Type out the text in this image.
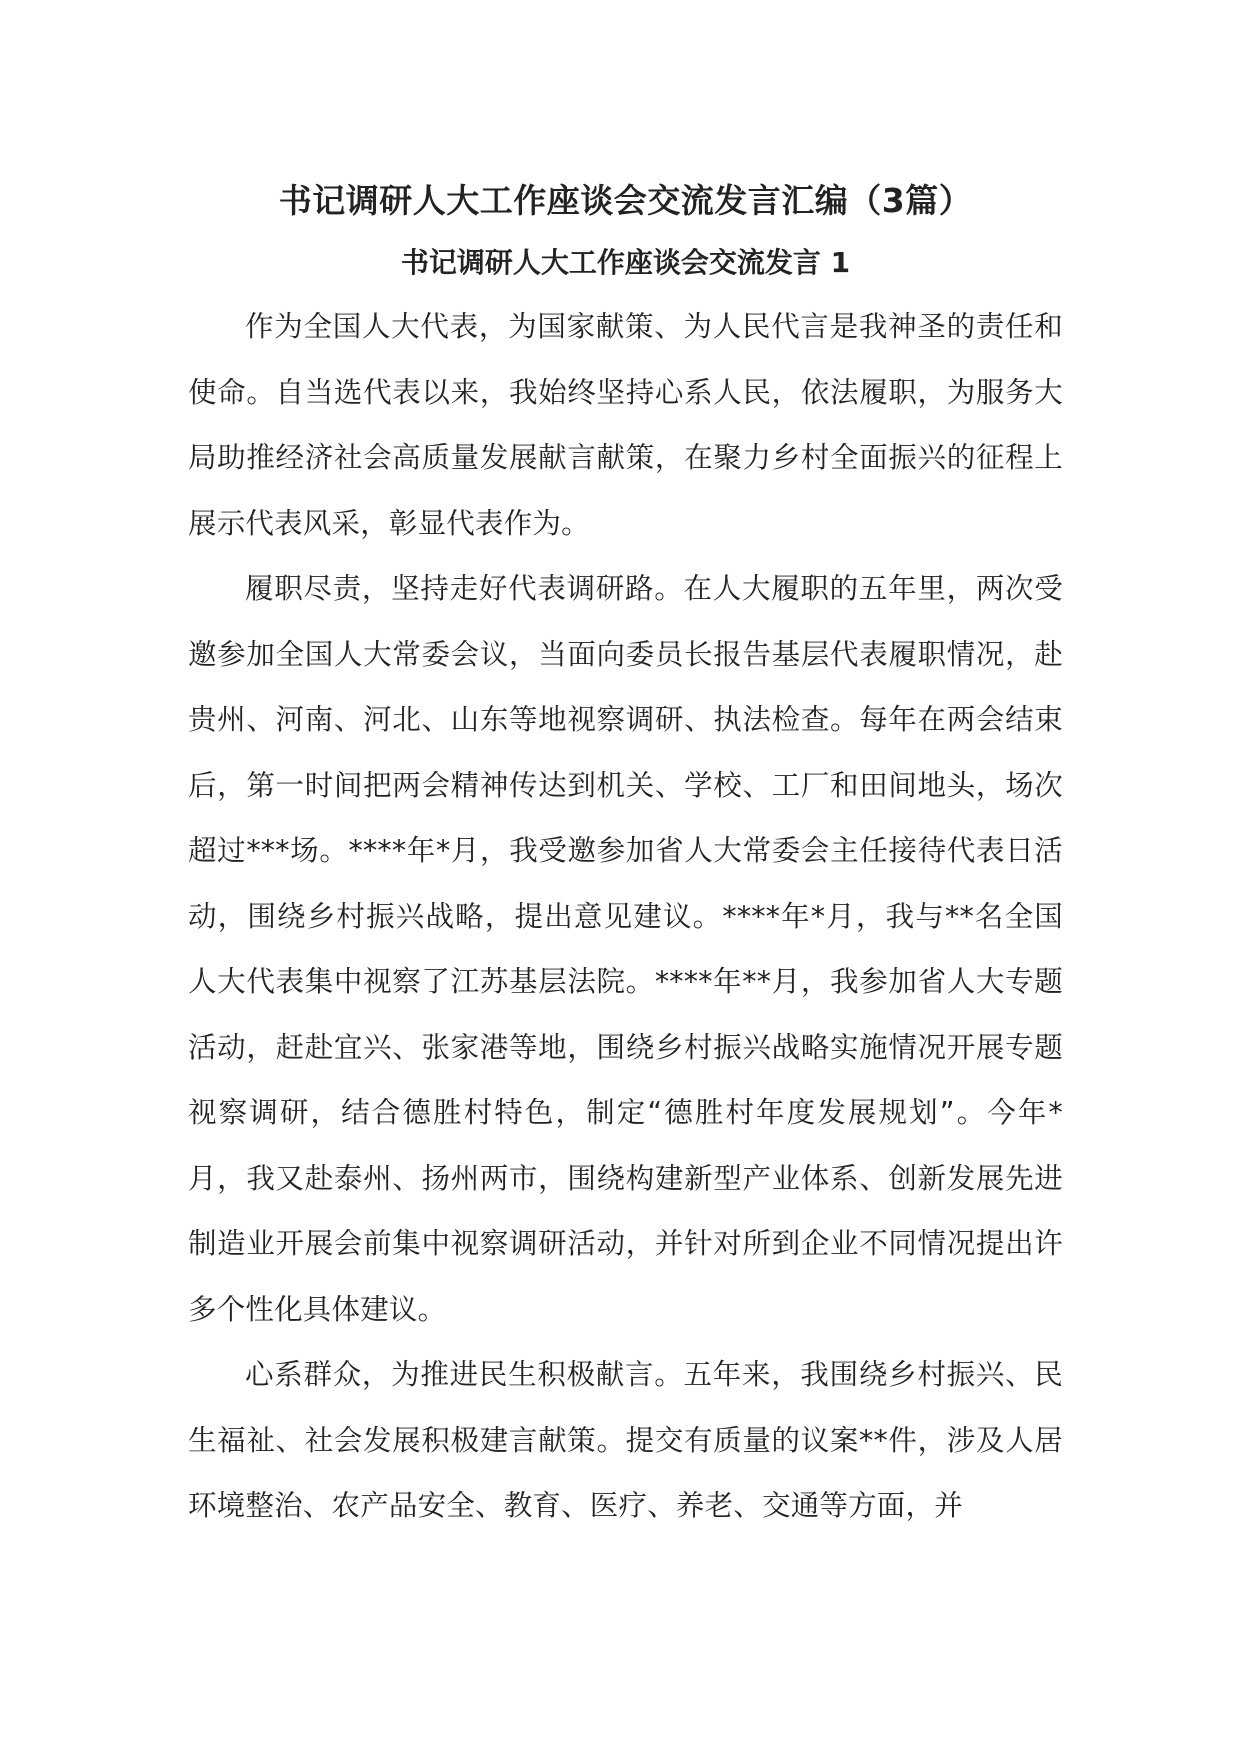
书记调研人大工作座谈会交流发言汇编（3篇）
书记调研人大工作座谈会交流发言 1

作为全国人大代表，为国家献策、为人民代言是我神圣的责任和使命。自当选代表以来，我始终坚持心系人民，依法履职，为服务大局助推经济社会高质量发展献言献策，在聚力乡村全面振兴的征程上展示代表风采，彰显代表作为。

履职尽责，坚持走好代表调研路。在人大履职的五年里，两次受邀参加全国人大常委会议，当面向委员长报告基层代表履职情况，赴贵州、河南、河北、山东等地视察调研、执法检查。每年在两会结束后，第一时间把两会精神传达到机关、学校、工厂和田间地头，场次超过***场。****年*月，我受邀参加省人大常委会主任接待代表日活动，围绕乡村振兴战略，提出意见建议。****年*月，我与**名全国人大代表集中视察了江苏基层法院。****年**月，我参加省人大专题活动，赶赴宜兴、张家港等地，围绕乡村振兴战略实施情况开展专题视察调研，结合德胜村特色，制定“德胜村年度发展规划”。今年*月，我又赴泰州、扬州两市，围绕构建新型产业体系、创新发展先进制造业开展会前集中视察调研活动，并针对所到企业不同情况提出许多个性化具体建议。

心系群众，为推进民生积极献言。五年来，我围绕乡村振兴、民生福祉、社会发展积极建言献策。提交有质量的议案**件，涉及人居环境整治、农产品安全、教育、医疗、养老、交通等方面，并
